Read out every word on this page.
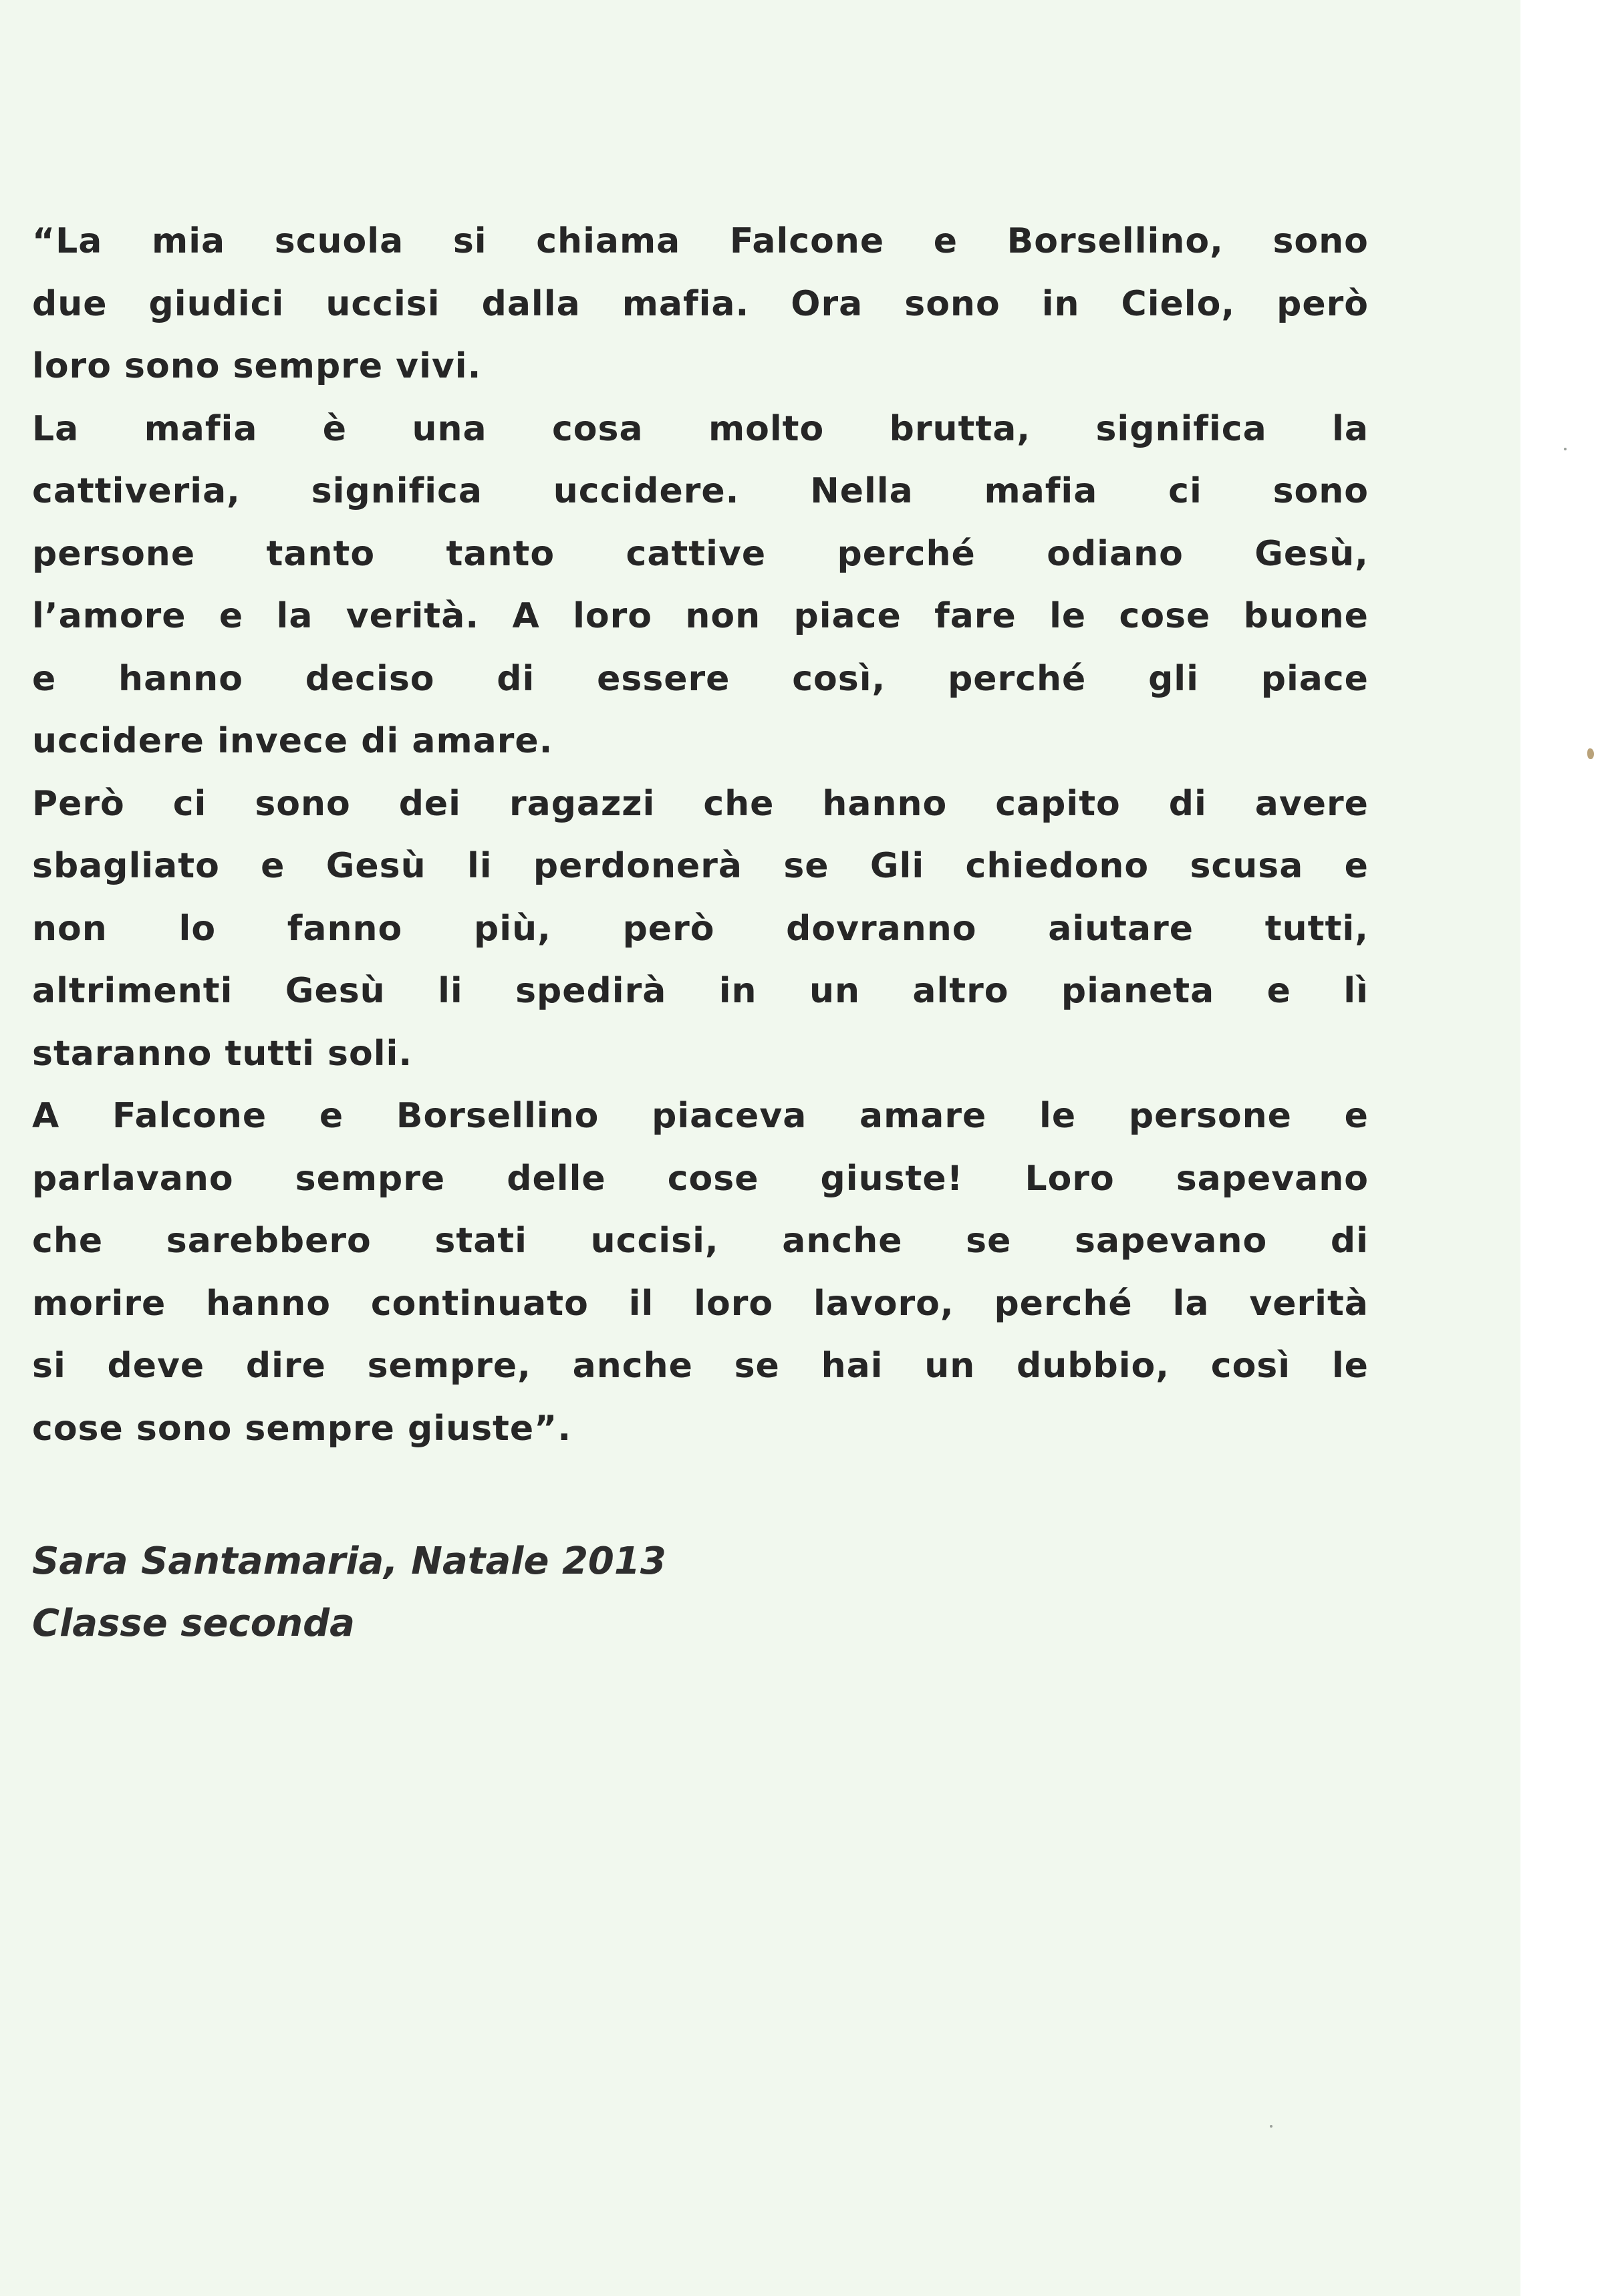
“La mia scuola si chiama Falcone e Borsellino, sono
due giudici uccisi dalla mafia. Ora sono in Cielo, però
loro sono sempre vivi.
La mafia è una cosa molto brutta, significa la
cattiveria, significa uccidere. Nella mafia ci sono
persone tanto tanto cattive perché odiano Gesù,
l’amore e la verità. A loro non piace fare le cose buone
e hanno deciso di essere così, perché gli piace
uccidere invece di amare.
Però ci sono dei ragazzi che hanno capito di avere
sbagliato e Gesù li perdonerà se Gli chiedono scusa e
non lo fanno più, però dovranno aiutare tutti,
altrimenti Gesù li spedirà in un altro pianeta e lì
staranno tutti soli.
A Falcone e Borsellino piaceva amare le persone e
parlavano sempre delle cose giuste! Loro sapevano
che sarebbero stati uccisi, anche se sapevano di
morire hanno continuato il loro lavoro, perché la verità
si deve dire sempre, anche se hai un dubbio, così le
cose sono sempre giuste”.
Sara Santamaria, Natale 2013
Classe seconda
